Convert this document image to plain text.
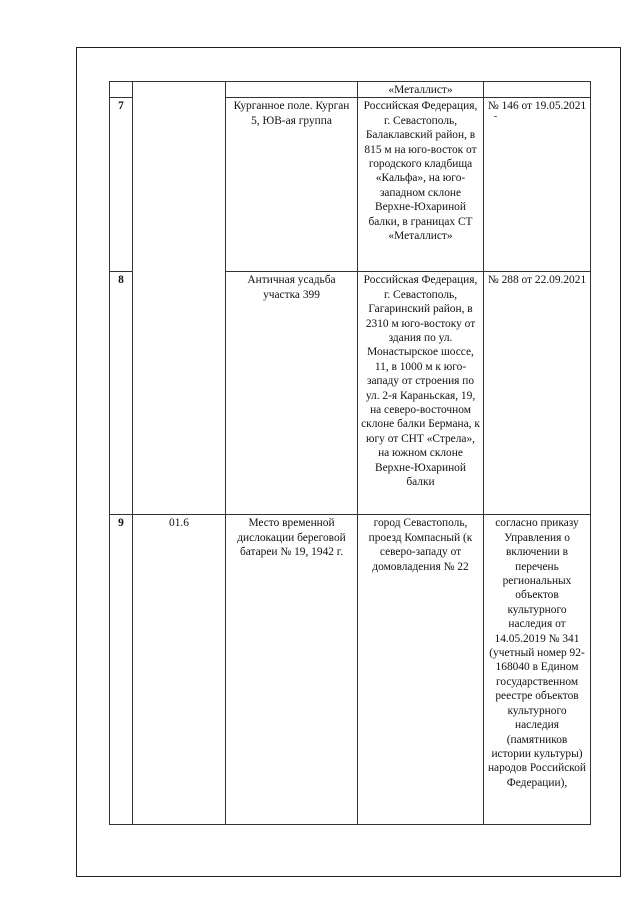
			«Металлист»	
7		Курганное поле. Курган 5, ЮВ-ая группа	Российская Федерация, г. Севастополь, Балаклавский район, в 815 м на юго-восток от городского кладбища «Кальфа», на юго-западном склоне Верхне-Юхариной балки, в границах СТ «Металлист»	№ 146 от 19.05.2021
8		Античная усадьба участка 399	Российская Федерация, г. Севастополь, Гагаринский район, в 2310 м юго-востоку от здания по ул. Монастырское шоссе, 11, в 1000 м к юго-западу от строения по ул. 2-я Караньская, 19, на северо-восточном склоне балки Бермана, к югу от СНТ «Стрела», на южном склоне Верхне-Юхариной балки	№ 288 от 22.09.2021
9	01.6	Место временной дислокации береговой батареи № 19, 1942 г.	город Севастополь, проезд Компасный (к северо-западу от домовладения № 22	согласно приказу Управления о включении в перечень региональных объектов культурного наследия от 14.05.2019 № 341 (учетный номер 92-168040 в Едином государственном реестре объектов культурного наследия (памятников истории культуры) народов Российской Федерации),
